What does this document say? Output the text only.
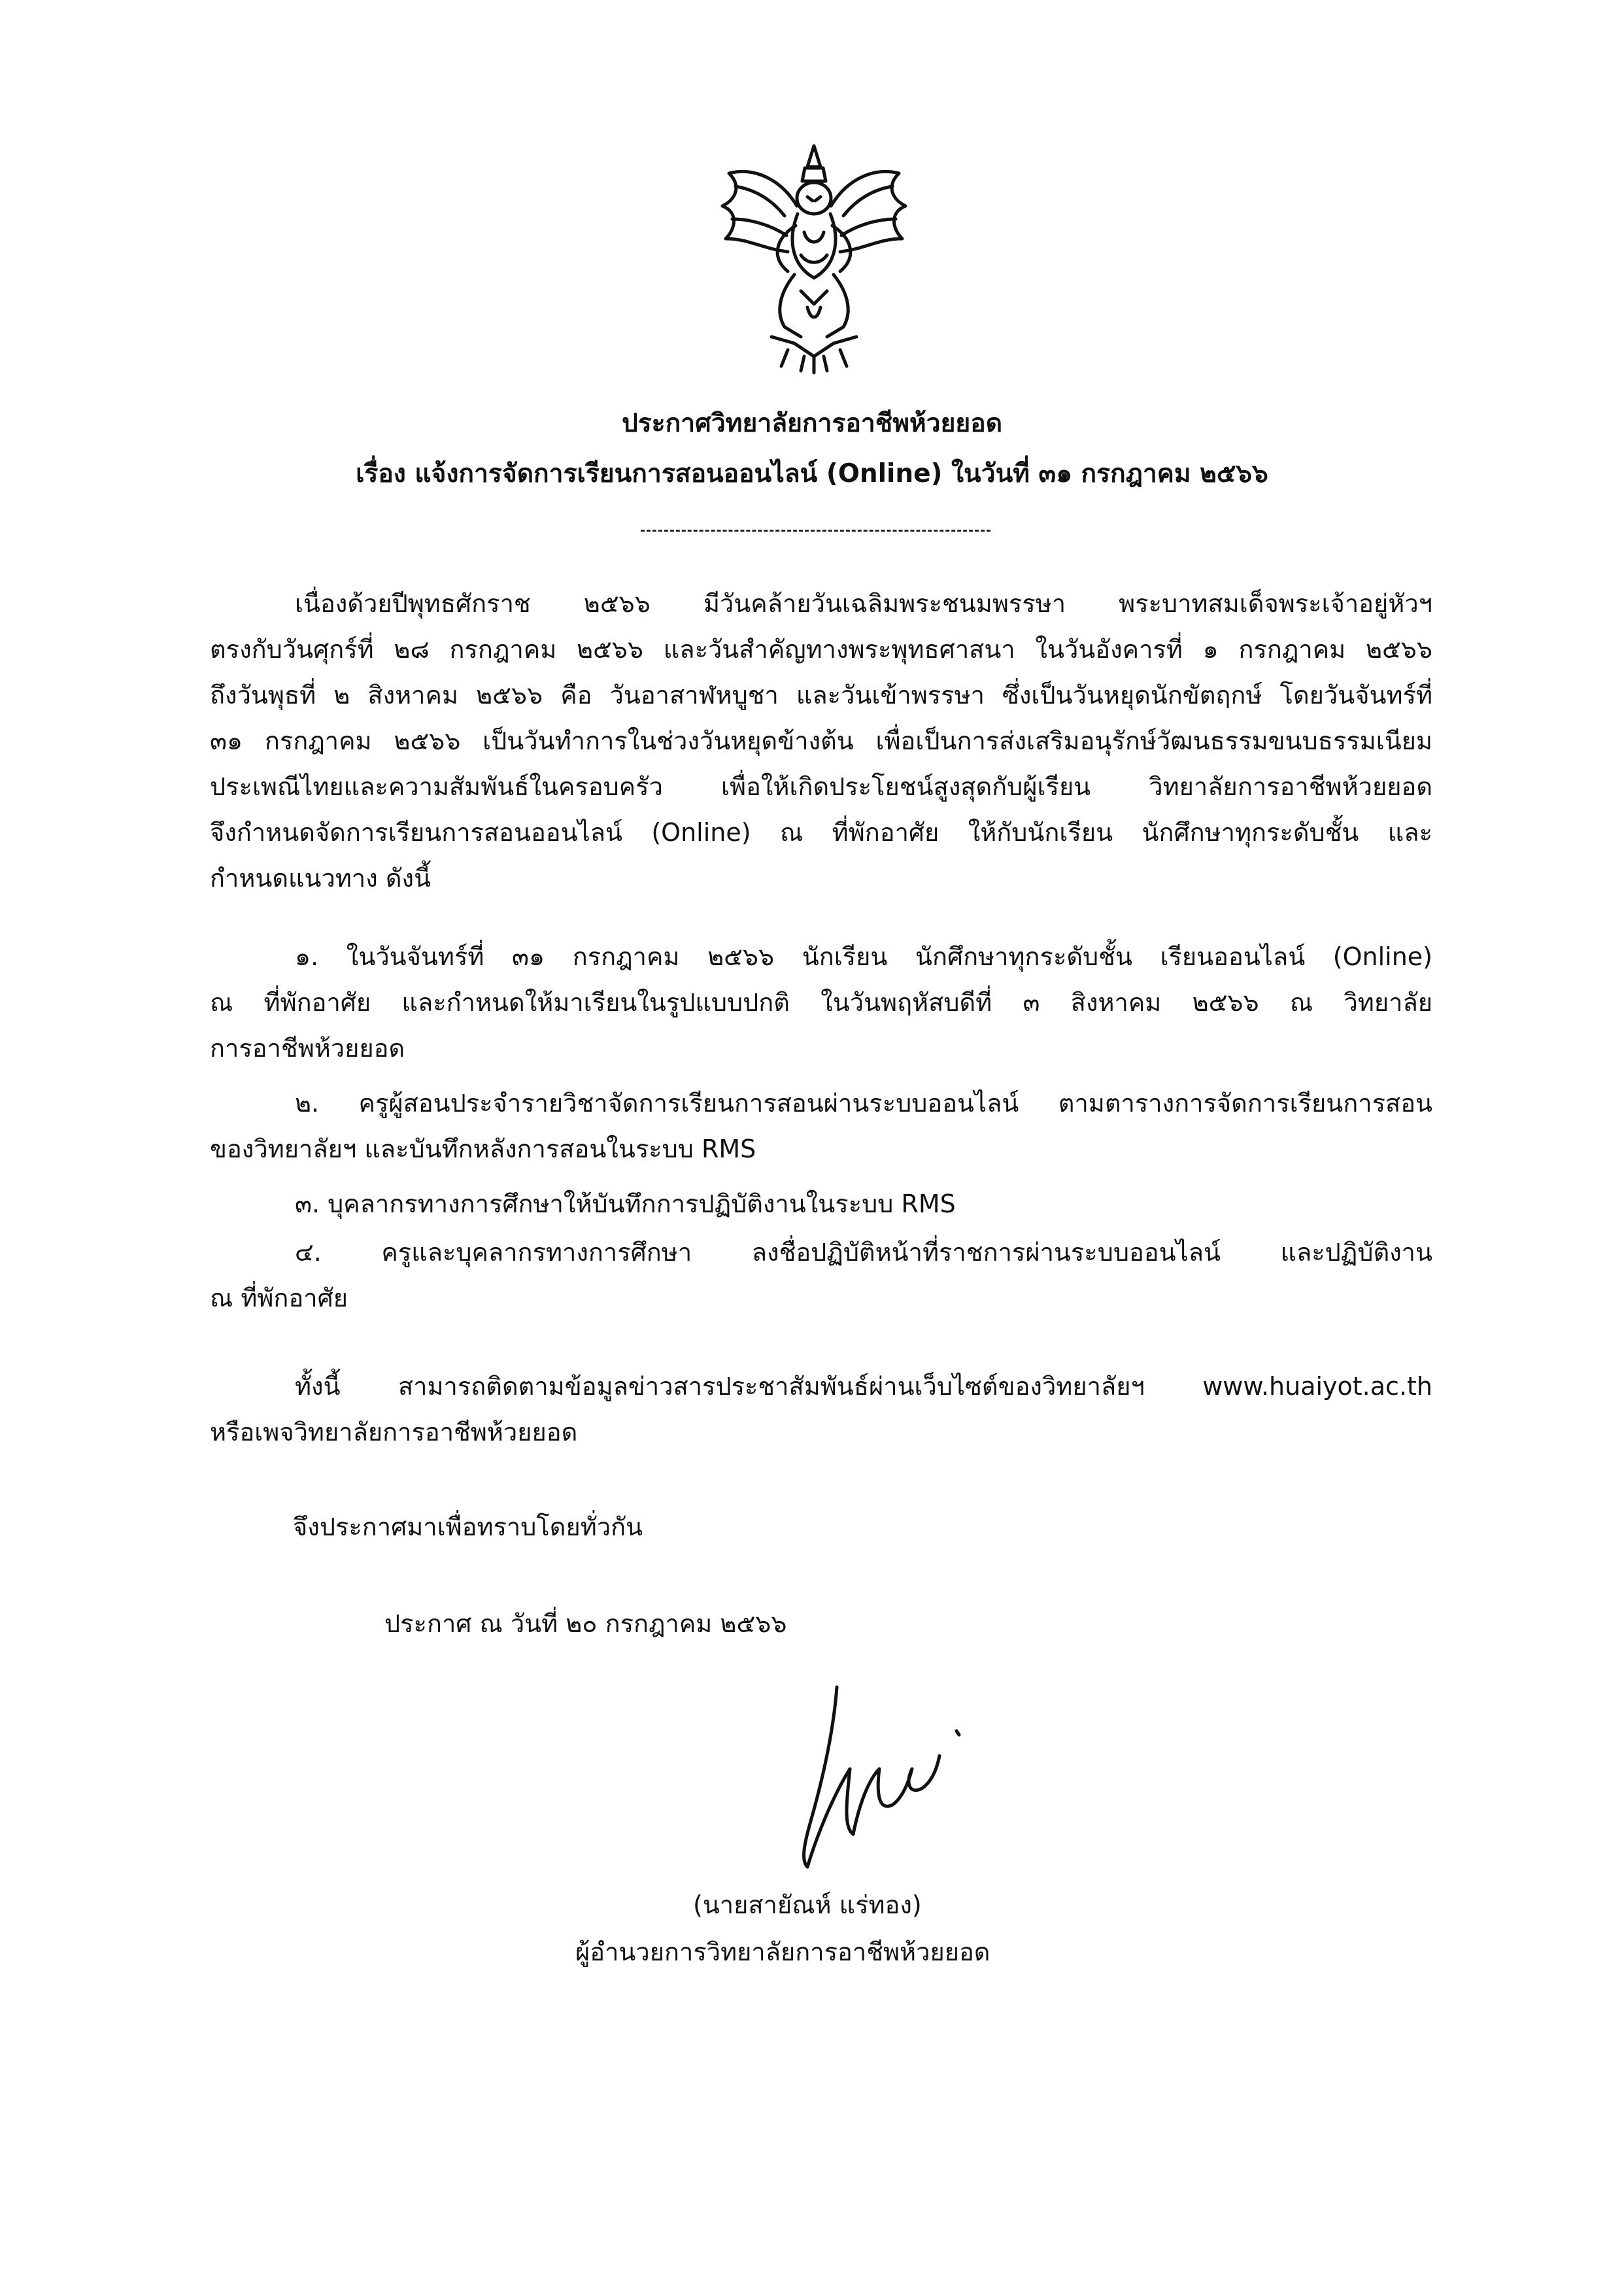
ประกาศวิทยาลัยการอาชีพห้วยยอด
เรื่อง แจ้งการจัดการเรียนการสอนออนไลน์ (Online) ในวันที่ ๓๑ กรกฎาคม ๒๕๖๖
เนื่องด้วยปีพุทธศักราช ๒๕๖๖ มีวันคล้ายวันเฉลิมพระชนมพรรษา พระบาทสมเด็จพระเจ้าอยู่หัวฯ
ตรงกับวันศุกร์ที่ ๒๘ กรกฎาคม ๒๕๖๖ และวันสำคัญทางพระพุทธศาสนา ในวันอังคารที่ ๑ กรกฎาคม ๒๕๖๖
ถึงวันพุธที่ ๒ สิงหาคม ๒๕๖๖ คือ วันอาสาฬหบูชา และวันเข้าพรรษา ซึ่งเป็นวันหยุดนักขัตฤกษ์ โดยวันจันทร์ที่
๓๑ กรกฎาคม ๒๕๖๖ เป็นวันทำการในช่วงวันหยุดข้างต้น เพื่อเป็นการส่งเสริมอนุรักษ์วัฒนธรรมขนบธรรมเนียม
ประเพณีไทยและความสัมพันธ์ในครอบครัว เพื่อให้เกิดประโยชน์สูงสุดกับผู้เรียน วิทยาลัยการอาชีพห้วยยอด
จึงกำหนดจัดการเรียนการสอนออนไลน์ (Online) ณ ที่พักอาศัย ให้กับนักเรียน นักศึกษาทุกระดับชั้น และ
กำหนดแนวทาง ดังนี้
๑. ในวันจันทร์ที่ ๓๑ กรกฎาคม ๒๕๖๖ นักเรียน นักศึกษาทุกระดับชั้น เรียนออนไลน์ (Online)
ณ ที่พักอาศัย และกำหนดให้มาเรียนในรูปแบบปกติ ในวันพฤหัสบดีที่ ๓ สิงหาคม ๒๕๖๖ ณ วิทยาลัย
การอาชีพห้วยยอด
๒. ครูผู้สอนประจำรายวิชาจัดการเรียนการสอนผ่านระบบออนไลน์ ตามตารางการจัดการเรียนการสอน
ของวิทยาลัยฯ และบันทึกหลังการสอนในระบบ RMS
๓. บุคลากรทางการศึกษาให้บันทึกการปฏิบัติงานในระบบ RMS
๔. ครูและบุคลากรทางการศึกษา ลงชื่อปฏิบัติหน้าที่ราชการผ่านระบบออนไลน์ และปฏิบัติงาน
ณ ที่พักอาศัย
ทั้งนี้ สามารถติดตามข้อมูลข่าวสารประชาสัมพันธ์ผ่านเว็บไซต์ของวิทยาลัยฯ www.huaiyot.ac.th
หรือเพจวิทยาลัยการอาชีพห้วยยอด
จึงประกาศมาเพื่อทราบโดยทั่วกัน
ประกาศ ณ วันที่ ๒๐ กรกฎาคม ๒๕๖๖
(นายสายัณห์ แร่ทอง)
ผู้อำนวยการวิทยาลัยการอาชีพห้วยยอด
